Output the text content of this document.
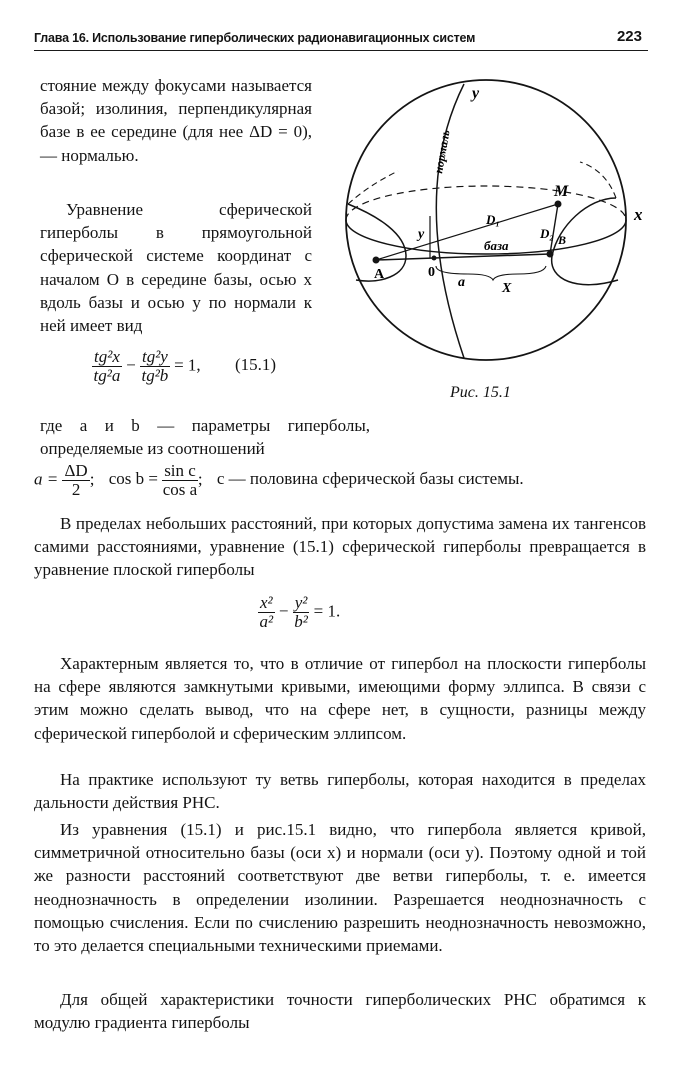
Глава 16. Использование гиперболических радионавигационных систем	223

стояние между фокусами называется базой; изолиния, перпендикулярная базе в ее середине (для нее ΔD = 0), — нормалью.

Уравнение сферической гиперболы в прямоугольной сферической системе координат с началом O в середине базы, осью x вдоль базы и осью y по нормали к ней имеет вид

$\frac{\text{tg²x}}{\text{tg²a}} - \frac{\text{tg²y}}{\text{tg²b}} = 1$, (15.1)

где a и b — параметры гиперболы, определяемые из соотношений

$a = \frac{\Delta D}{2}$ ; $\cos b = \frac{\text{sin c}}{\text{cos a}}$ ; c — половина сферической базы системы.

В пределах небольших расстояний, при которых допустима замена их тангенсов самими расстояниями, уравнение (15.1) сферической гиперболы превращается в уравнение плоской гиперболы

$\frac{\text{x²}}{\text{a²}} - \frac{\text{y²}}{\text{b²}} = 1$.

Характерным является то, что в отличие от гипербол на плоскости гиперболы на сфере являются замкнутыми кривыми, имеющими форму эллипса. В связи с этим можно сделать вывод, что на сфере нет, в сущности, разницы между сферической гиперболой и сферическим эллипсом.

На практике используют ту ветвь гиперболы, которая находится в пределах дальности действия РНС.

Из уравнения (15.1) и рис.15.1 видно, что гипербола является кривой, симметричной относительно базы (оси x) и нормали (оси y). Поэтому одной и той же разности расстояний соответствуют две ветви гиперболы, т. е. имеется неоднозначность в определении изолинии. Разрешается неоднозначность с помощью счисления. Если по счислению разрешить неоднозначность невозможно, то это делается специальными техническими приемами.

Для общей характеристики точности гиперболических РНС обратимся к модулю градиента гиперболы

y
x
нормаль
M
D₁
D₂
база
y
A	0
a
B
X
Рис. 15.1
